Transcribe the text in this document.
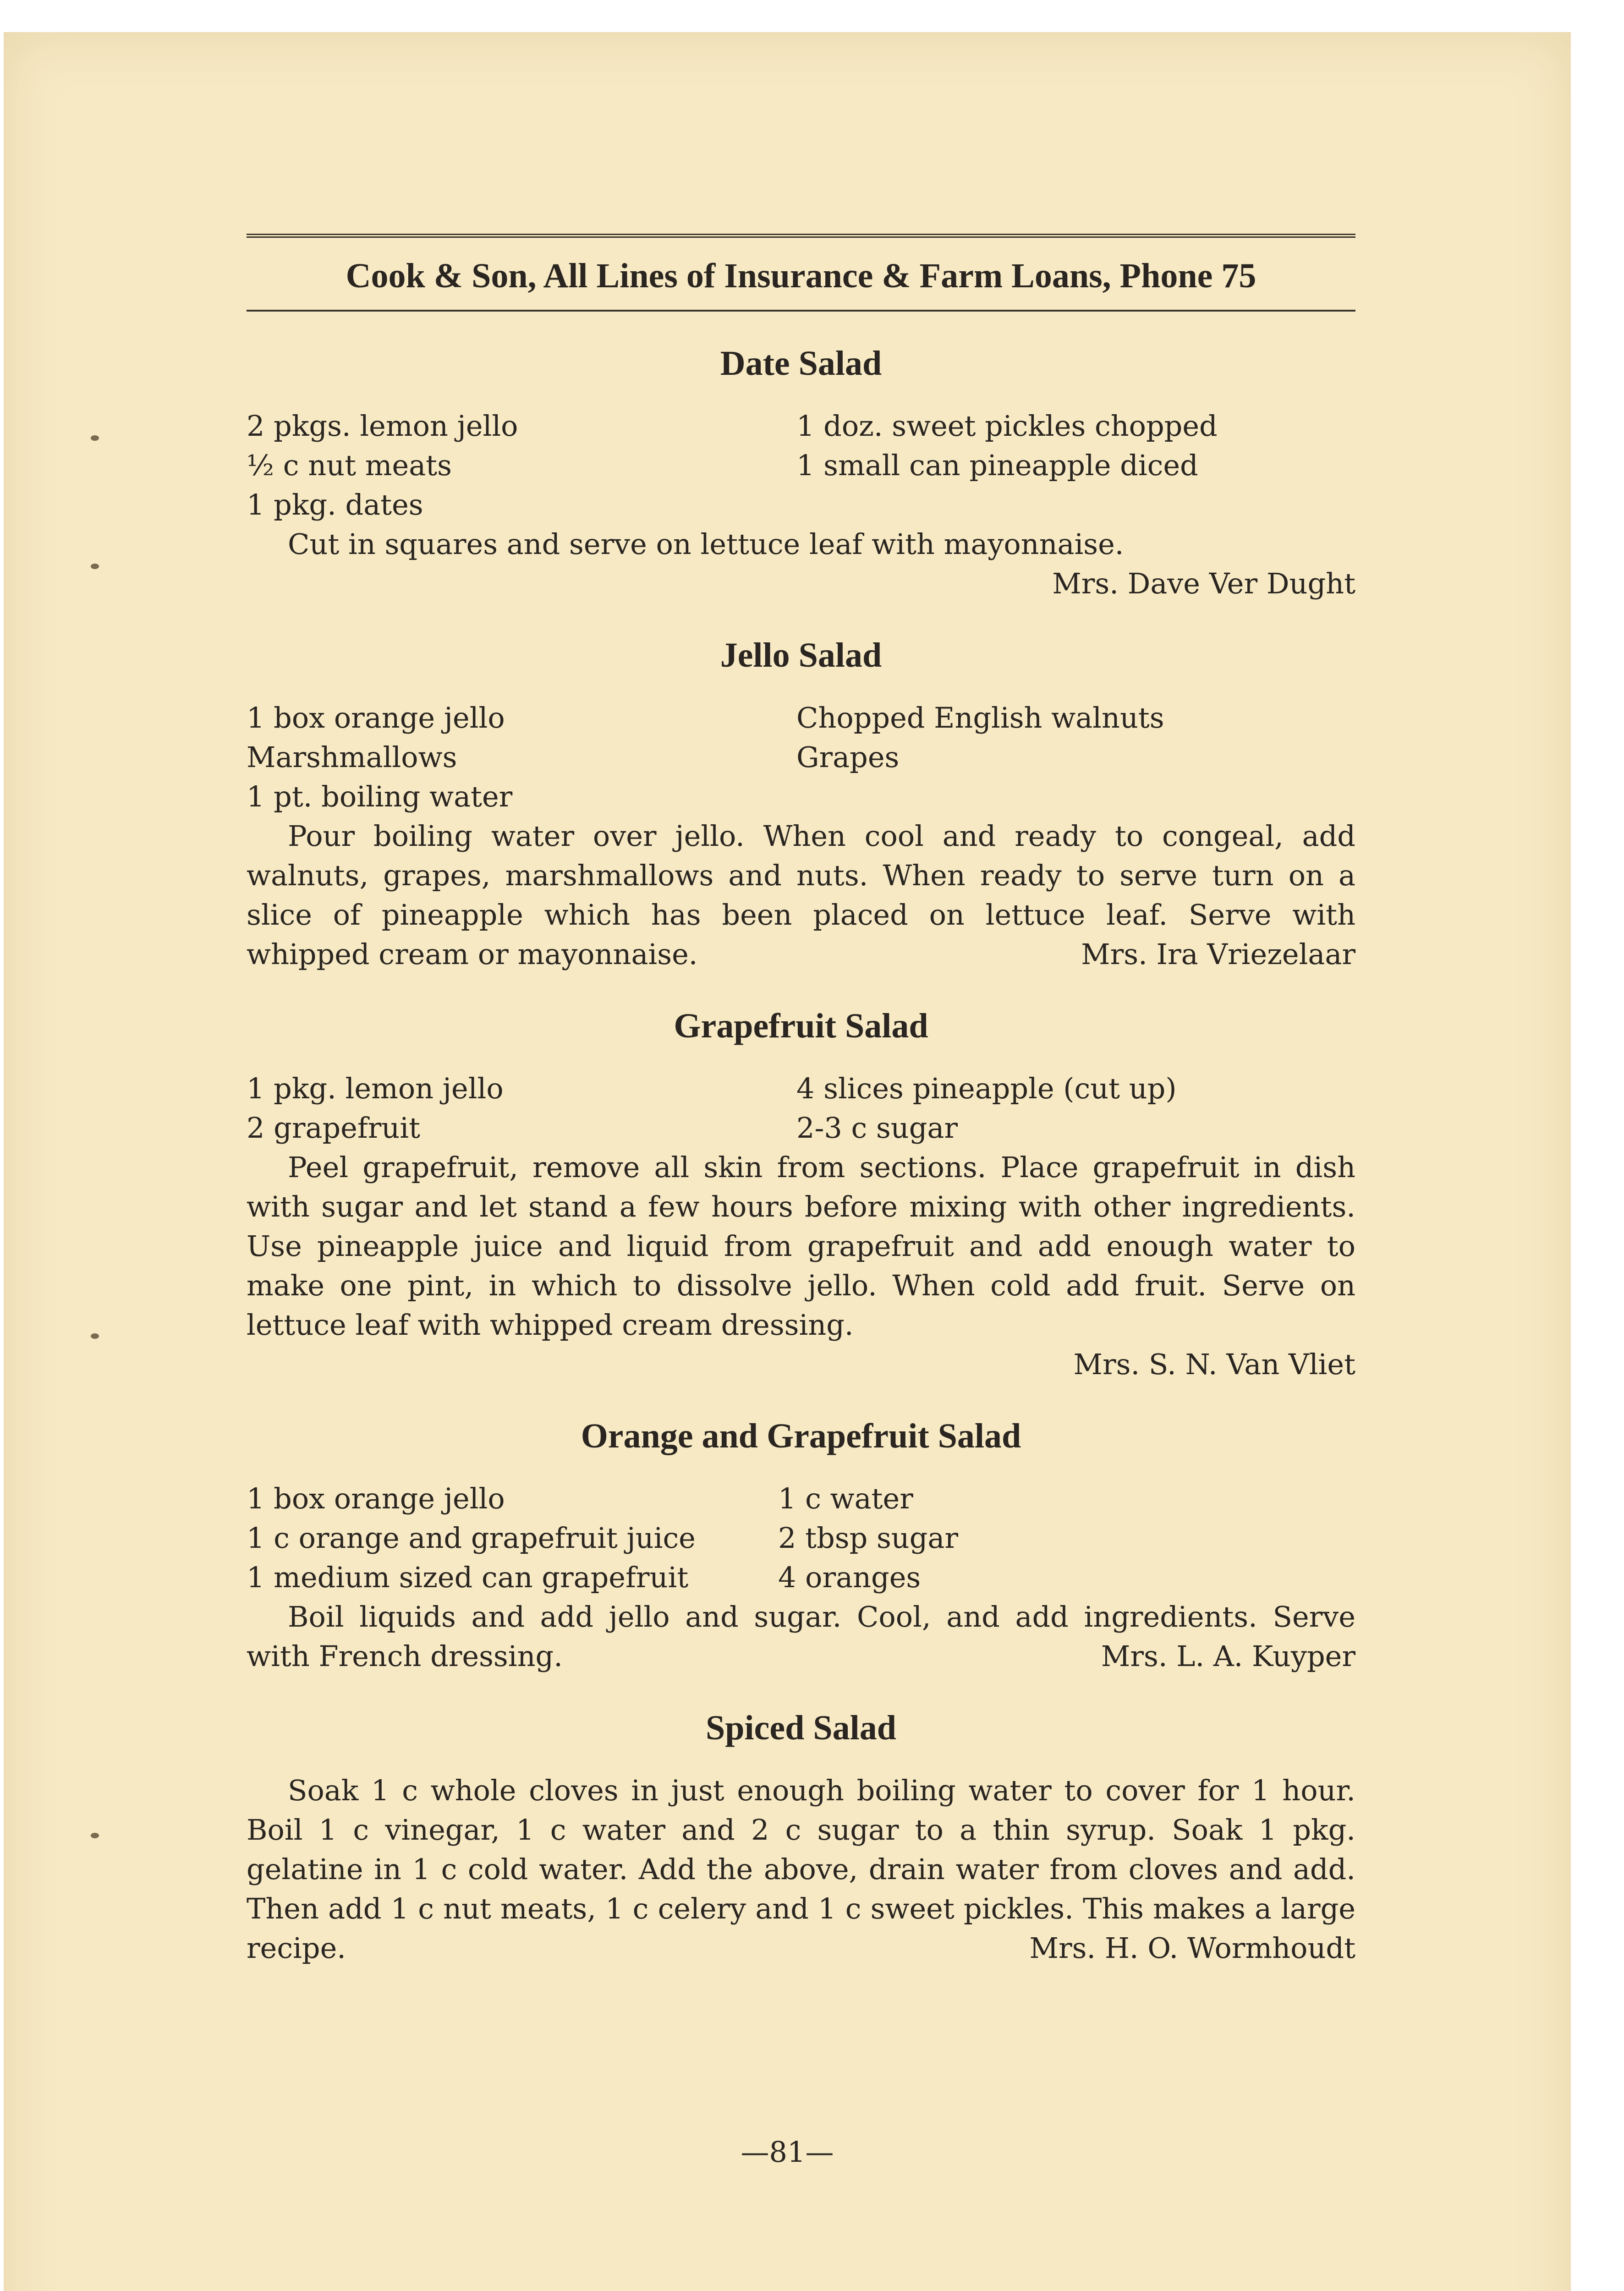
Cook & Son, All Lines of Insurance & Farm Loans, Phone 75
Date Salad
2 pkgs. lemon jello	1 doz. sweet pickles chopped
½ c nut meats	1 small can pineapple diced
1 pkg. dates
Cut in squares and serve on lettuce leaf with mayonnaise.
Mrs. Dave Ver Dught
Jello Salad
1 box orange jello	Chopped English walnuts
Marshmallows	Grapes
1 pt. boiling water
Pour boiling water over jello. When cool and ready to congeal, add walnuts, grapes, marshmallows and nuts. When ready to serve turn on a slice of pineapple which has been placed on lettuce leaf. Serve with whipped cream or mayonnaise.	Mrs. Ira Vriezelaar
Grapefruit Salad
1 pkg. lemon jello	4 slices pineapple (cut up)
2 grapefruit	2-3 c sugar
Peel grapefruit, remove all skin from sections. Place grapefruit in dish with sugar and let stand a few hours before mixing with other ingredients. Use pineapple juice and liquid from grapefruit and add enough water to make one pint, in which to dissolve jello. When cold add fruit. Serve on lettuce leaf with whipped cream dressing.
Mrs. S. N. Van Vliet
Orange and Grapefruit Salad
1 box orange jello	1 c water
1 c orange and grapefruit juice	2 tbsp sugar
1 medium sized can grapefruit	4 oranges
Boil liquids and add jello and sugar. Cool, and add ingredients. Serve with French dressing.	Mrs. L. A. Kuyper
Spiced Salad
Soak 1 c whole cloves in just enough boiling water to cover for 1 hour. Boil 1 c vinegar, 1 c water and 2 c sugar to a thin syrup. Soak 1 pkg. gelatine in 1 c cold water. Add the above, drain water from cloves and add. Then add 1 c nut meats, 1 c celery and 1 c sweet pickles. This makes a large recipe.	Mrs. H. O. Wormhoudt
—81—
